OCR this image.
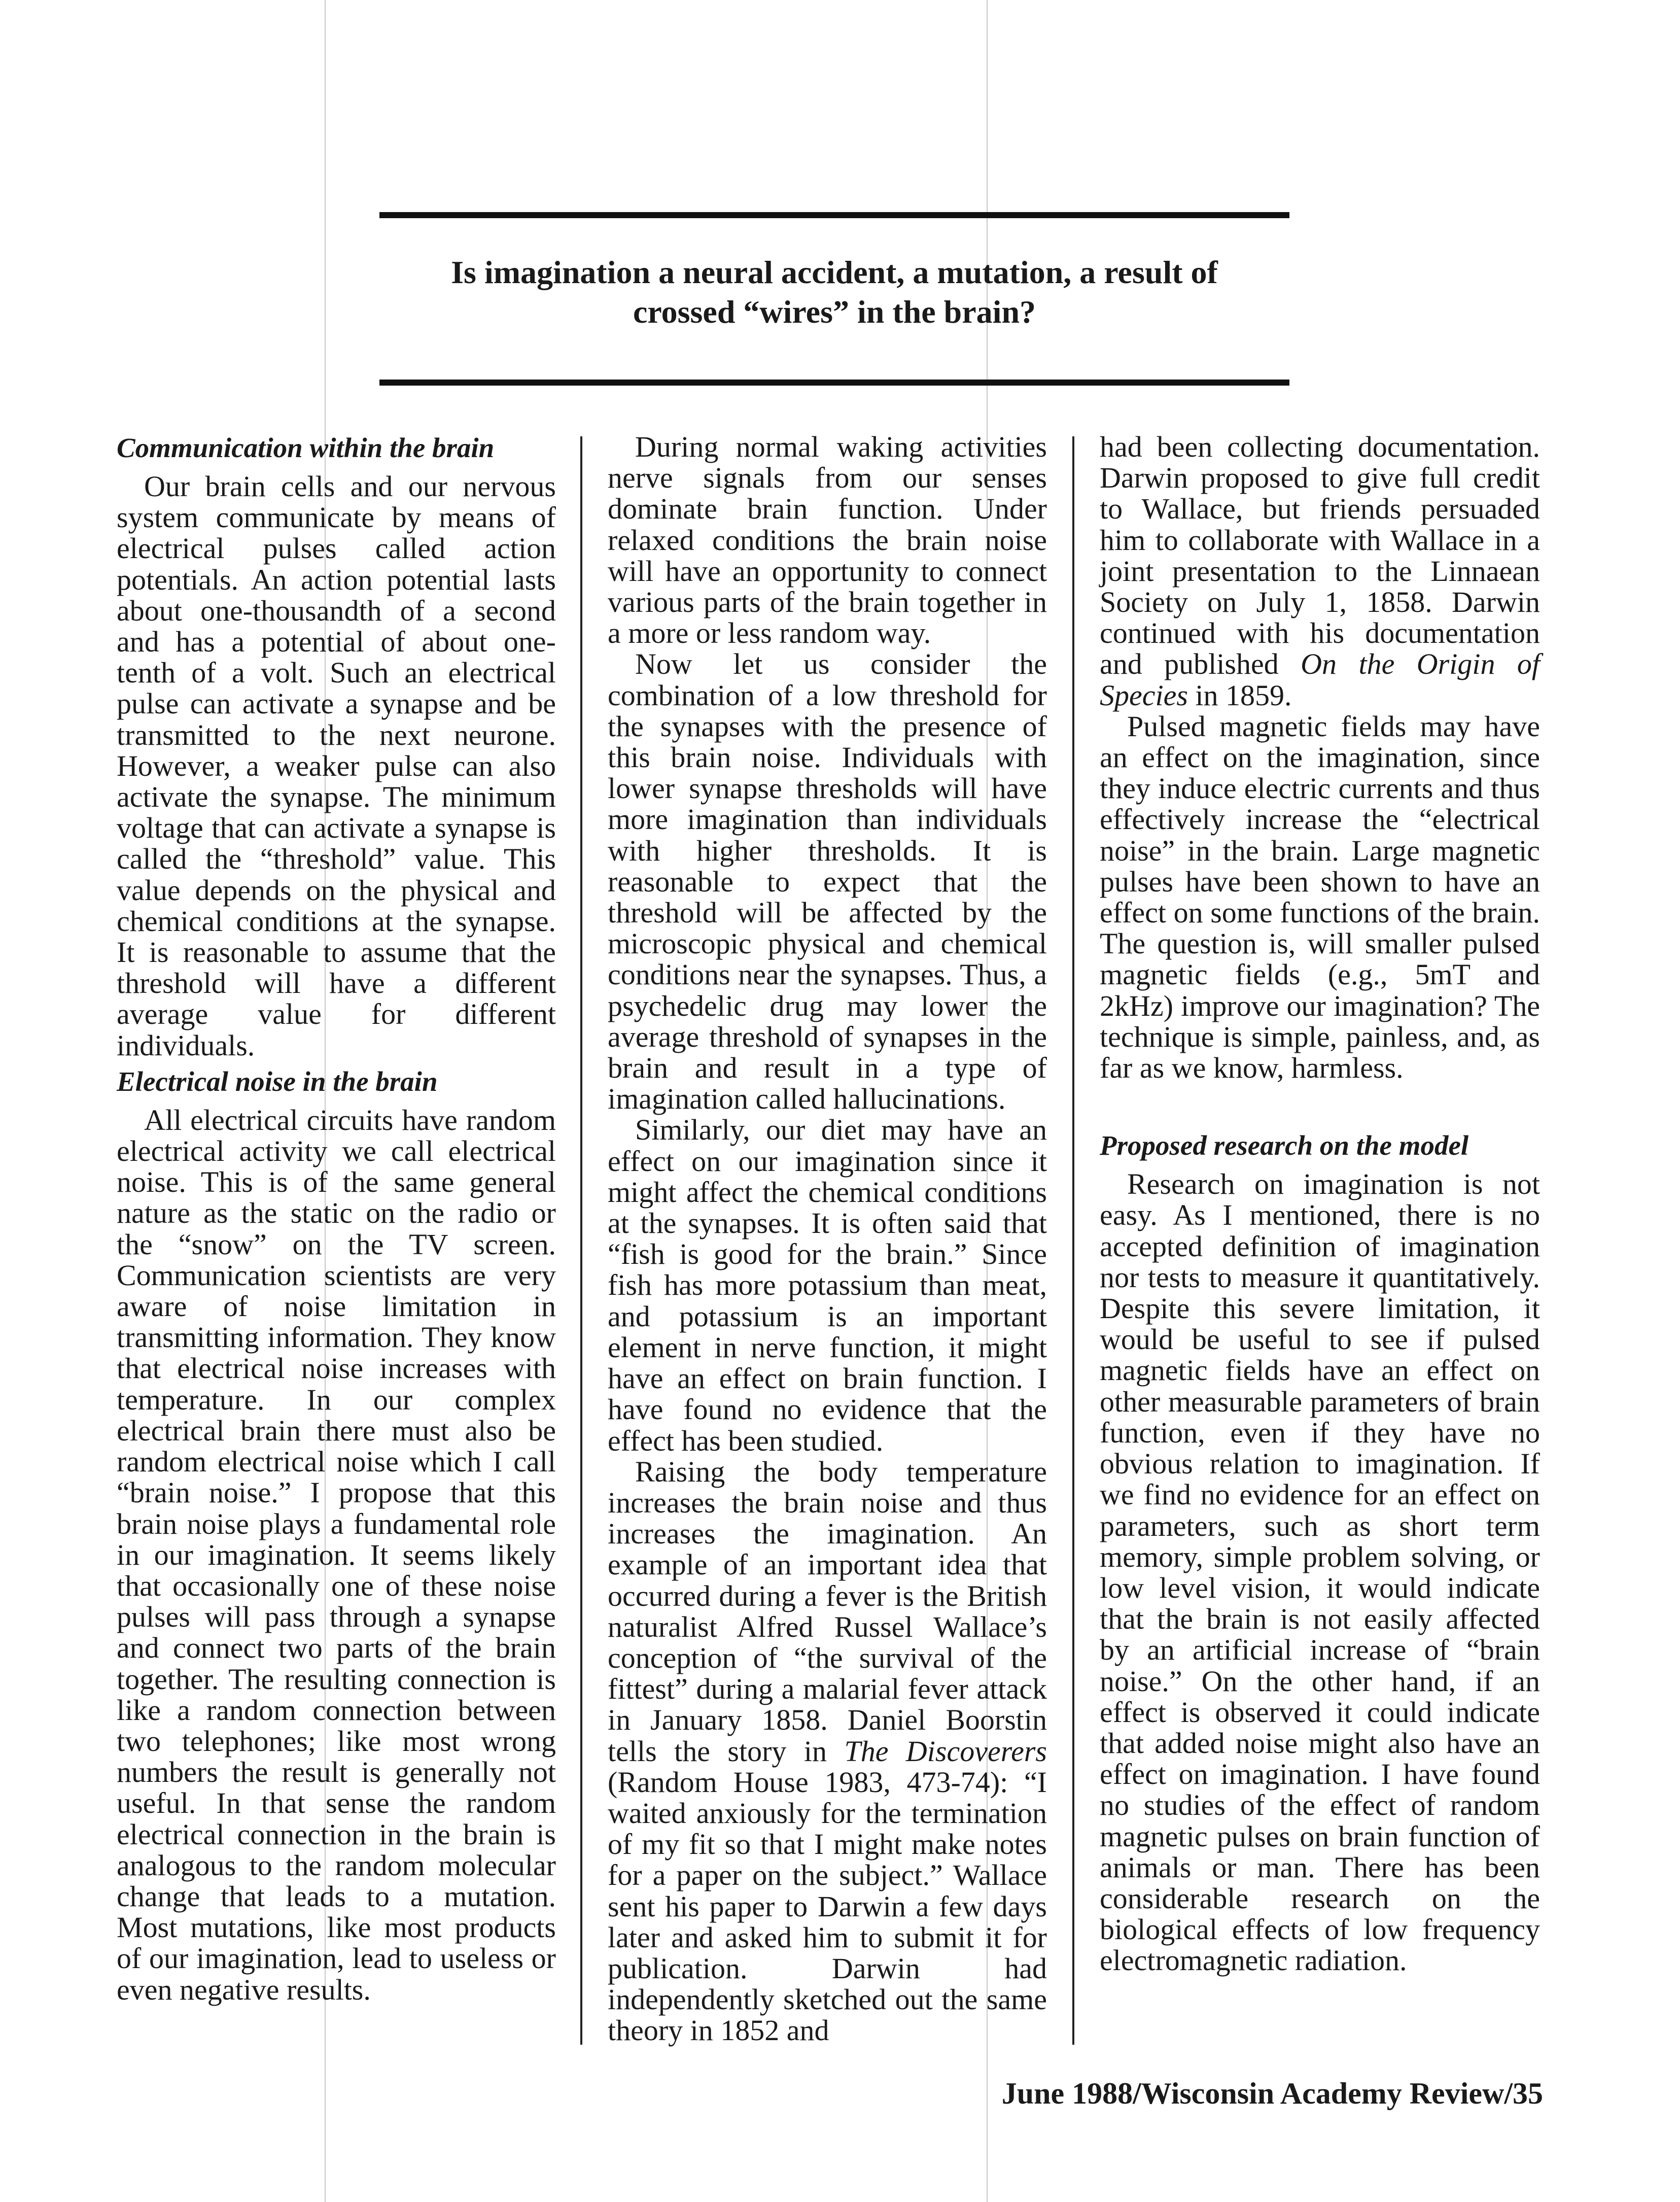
Is imagination a neural accident, a mutation, a result of
crossed “wires” in the brain?
Communication within the brain

Our brain cells and our nervous system communicate by means of electrical pulses called action potentials. An action potential lasts about one-thousandth of a second and has a potential of about one-tenth of a volt. Such an electrical pulse can activate a synapse and be transmitted to the next neurone. However, a weaker pulse can also activate the synapse. The minimum voltage that can activate a synapse is called the “threshold” value. This value depends on the physical and chemical conditions at the synapse. It is reasonable to assume that the threshold will have a different average value for different individuals.

Electrical noise in the brain

All electrical circuits have random electrical activity we call electrical noise. This is of the same general nature as the static on the radio or the “snow” on the TV screen. Communication scientists are very aware of noise limitation in transmitting information. They know that electrical noise increases with temperature. In our complex electrical brain there must also be random electrical noise which I call “brain noise.” I propose that this brain noise plays a fundamental role in our imagination. It seems likely that occasionally one of these noise pulses will pass through a synapse and connect two parts of the brain together. The resulting connection is like a random connection between two telephones; like most wrong numbers the result is generally not useful. In that sense the random electrical connection in the brain is analogous to the random molecular change that leads to a mutation. Most mutations, like most products of our imagination, lead to useless or even negative results.

During normal waking activities nerve signals from our senses dominate brain function. Under relaxed conditions the brain noise will have an opportunity to connect various parts of the brain together in a more or less random way.

Now let us consider the combination of a low threshold for the synapses with the presence of this brain noise. Individuals with lower synapse thresholds will have more imagination than individuals with higher thresholds. It is reasonable to expect that the threshold will be affected by the microscopic physical and chemical conditions near the synapses. Thus, a psychedelic drug may lower the average threshold of synapses in the brain and result in a type of imagination called hallucinations.

Similarly, our diet may have an effect on our imagination since it might affect the chemical conditions at the synapses. It is often said that “fish is good for the brain.” Since fish has more potassium than meat, and potassium is an important element in nerve function, it might have an effect on brain function. I have found no evidence that the effect has been studied.

Raising the body temperature increases the brain noise and thus increases the imagination. An example of an important idea that occurred during a fever is the British naturalist Alfred Russel Wallace’s conception of “the survival of the fittest” during a malarial fever attack in January 1858. Daniel Boorstin tells the story in The Discoverers (Random House 1983, 473-74): “I waited anxiously for the termination of my fit so that I might make notes for a paper on the subject.” Wallace sent his paper to Darwin a few days later and asked him to submit it for publication. Darwin had independently sketched out the same theory in 1852 and

had been collecting documentation. Darwin proposed to give full credit to Wallace, but friends persuaded him to collaborate with Wallace in a joint presentation to the Linnaean Society on July 1, 1858. Darwin continued with his documentation and published On the Origin of Species in 1859.

Pulsed magnetic fields may have an effect on the imagination, since they induce electric currents and thus effectively increase the “electrical noise” in the brain. Large magnetic pulses have been shown to have an effect on some functions of the brain. The question is, will smaller pulsed magnetic fields (e.g., 5mT and 2kHz) improve our imagination? The technique is simple, painless, and, as far as we know, harmless.

Proposed research on the model

Research on imagination is not easy. As I mentioned, there is no accepted definition of imagination nor tests to measure it quantitatively. Despite this severe limitation, it would be useful to see if pulsed magnetic fields have an effect on other measurable parameters of brain function, even if they have no obvious relation to imagination. If we find no evidence for an effect on parameters, such as short term memory, simple problem solving, or low level vision, it would indicate that the brain is not easily affected by an artificial increase of “brain noise.” On the other hand, if an effect is observed it could indicate that added noise might also have an effect on imagination. I have found no studies of the effect of random magnetic pulses on brain function of animals or man. There has been considerable research on the biological effects of low frequency electromagnetic radiation.

June 1988/Wisconsin Academy Review/35
